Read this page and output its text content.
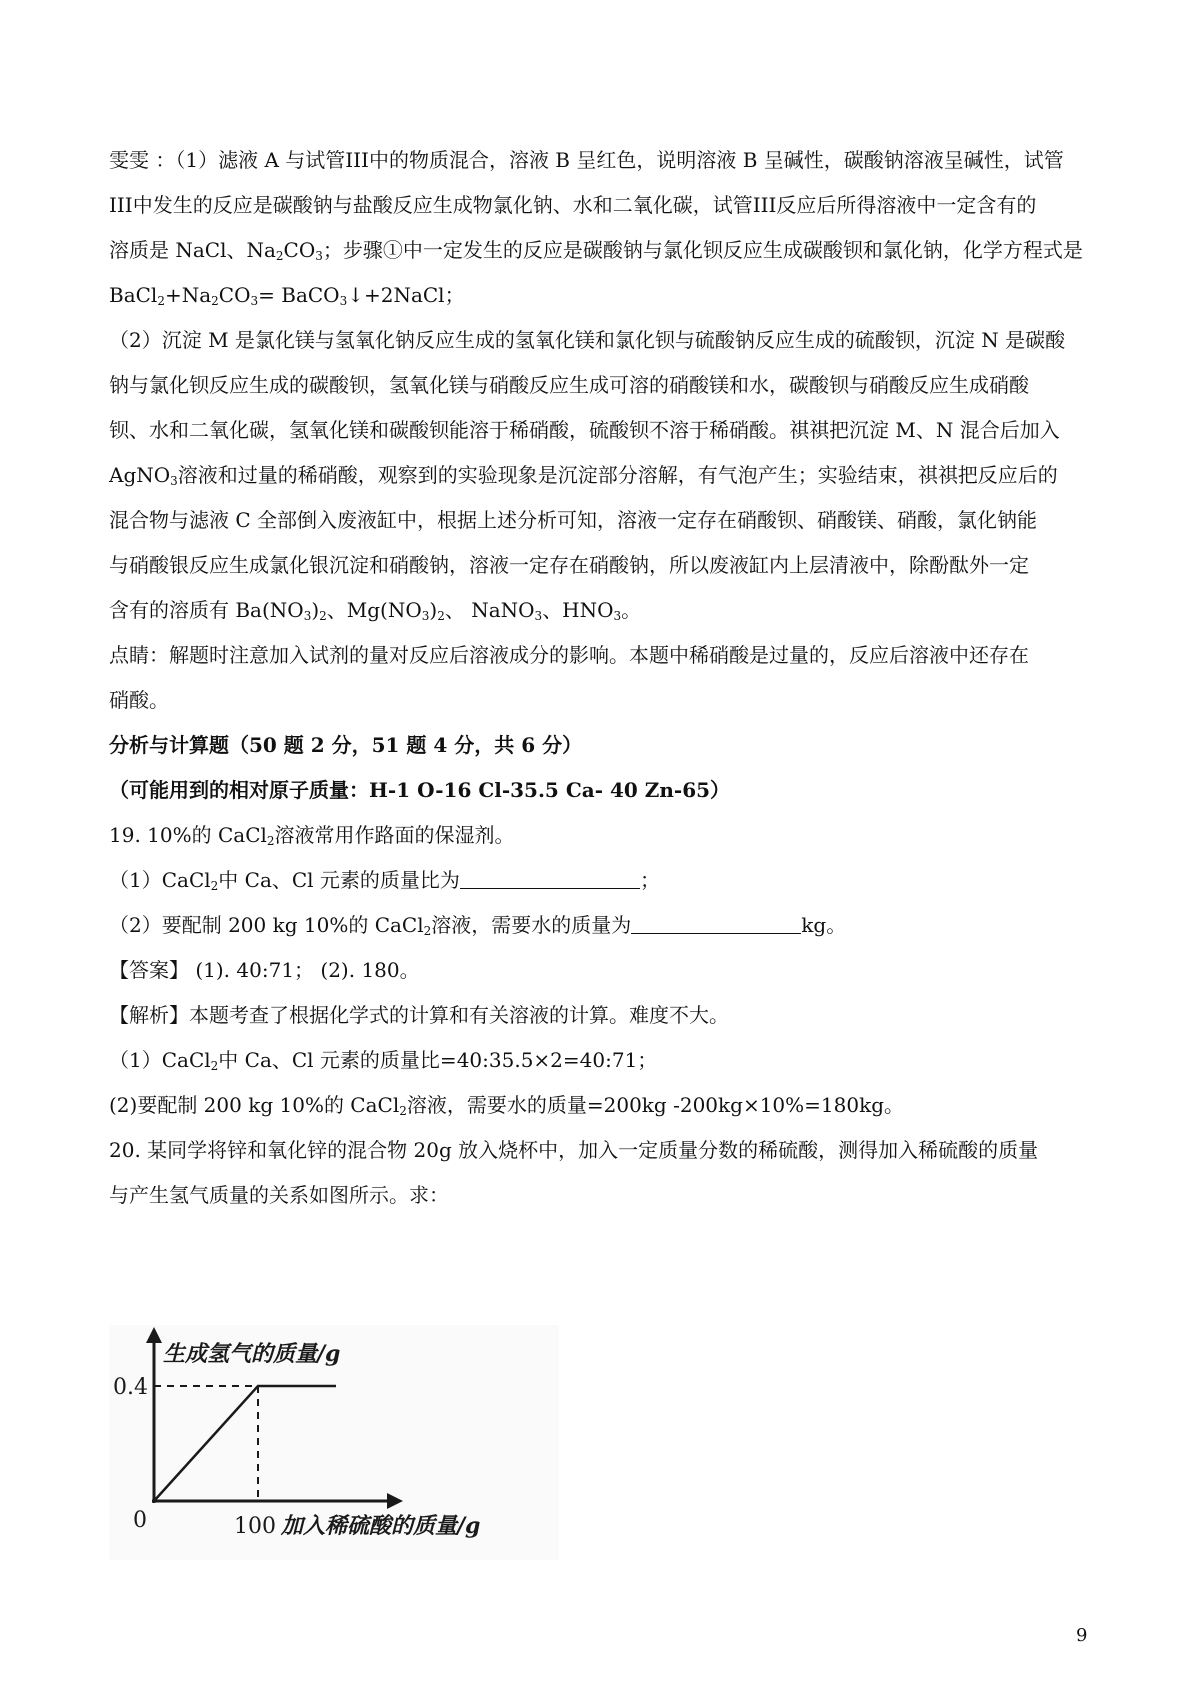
雯雯 ：（1）滤液 A 与试管III中的物质混合，溶液 B 呈红色，说明溶液 B 呈碱性，碳酸钠溶液呈碱性，试管
III中发生的反应是碳酸钠与盐酸反应生成物氯化钠、水和二氧化碳，试管III反应后所得溶液中一定含有的
溶质是 NaCl、$Na_2CO_3$；步骤①中一定发生的反应是碳酸钠与氯化钡反应生成碳酸钡和氯化钠，化学方程式是
$BaCl_2+Na_2CO_3=$ BaCO$_3$↓+2NaCl；
（2）沉淀 M 是氯化镁与氢氧化钠反应生成的氢氧化镁和氯化钡与硫酸钠反应生成的硫酸钡，沉淀 N 是碳酸
钠与氯化钡反应生成的碳酸钡，氢氧化镁与硝酸反应生成可溶的硝酸镁和水，碳酸钡与硝酸反应生成硝酸
钡、水和二氧化碳，氢氧化镁和碳酸钡能溶于稀硝酸，硫酸钡不溶于稀硝酸。祺祺把沉淀 M、N 混合后加入
AgNO$_3$溶液和过量的稀硝酸，观察到的实验现象是沉淀部分溶解，有气泡产生；实验结束，祺祺把反应后的
混合物与滤液 C 全部倒入废液缸中，根据上述分析可知，溶液一定存在硝酸钡、硝酸镁、硝酸，氯化钠能
与硝酸银反应生成氯化银沉淀和硝酸钠，溶液一定存在硝酸钠，所以废液缸内上层清液中，除酚酞外一定
含有的溶质有 $Ba(NO_3)_2$、$Mg(NO_3)_2$、 NaNO$_3$、$HNO_3$。
点睛：解题时注意加入试剂的量对反应后溶液成分的影响。本题中稀硝酸是过量的，反应后溶液中还存在
硝酸。
分析与计算题（50 题 2 分，51 题 4 分，共 6 分）
（可能用到的相对原子质量：H-1 O-16 Cl-35.5 Ca- 40 Zn-65）
19. 10%的 CaCl$_2$溶液常用作路面的保湿剂。
（1）CaCl$_2$中 Ca、Cl 元素的质量比为	；
（2）要配制 200 kg 10%的 CaCl$_2$溶液，需要水的质量为	kg。
【答案】 (1). 40:71； (2). 180。
【解析】本题考查了根据化学式的计算和有关溶液的计算。难度不大。
（1）CaCl$_2$中 Ca、Cl 元素的质量比=40:35.5×2=40:71；
(2)要配制 200 kg 10%的 CaCl$_2$溶液，需要水的质量=200kg -200kg×10%=180kg。
20. 某同学将锌和氧化锌的混合物 20g 放入烧杯中，加入一定质量分数的稀硫酸，测得加入稀硫酸的质量
与产生氢气质量的关系如图所示。求：
生成氢气的质量/g
加入稀硫酸的质量/g
0.4
100
0
9
